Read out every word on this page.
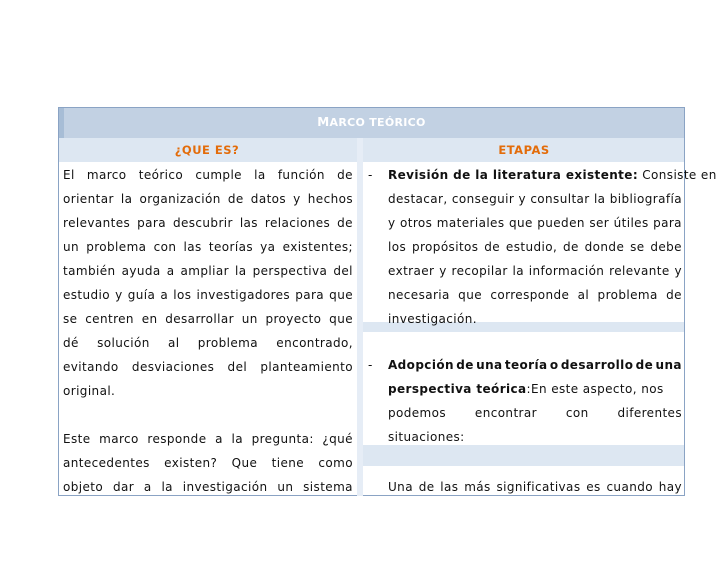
MARCO TEÓRICO
¿QUE ES?	ETAPAS
El marco teórico cumple la función de
orientar la organización de datos y hechos
relevantes para descubrir las relaciones de
un problema con las teorías ya existentes;
también ayuda a ampliar la perspectiva del
estudio y guía a los investigadores para que
se centren en desarrollar un proyecto que
dé solución al problema encontrado,
evitando desviaciones del planteamiento
original.
Este marco responde a la pregunta: ¿qué
antecedentes existen? Que tiene como
objeto dar a la investigación un sistema
- Revisión de la literatura existente: Consiste en
destacar, conseguir y consultar la bibliografía
y otros materiales que pueden ser útiles para
los propósitos de estudio, de donde se debe
extraer y recopilar la información relevante y
necesaria que corresponde al problema de
investigación.
- Adopción de una teoría o desarrollo de una
perspectiva teórica:En este aspecto, nos
podemos encontrar con diferentes
situaciones:
Una de las más significativas es cuando hay
